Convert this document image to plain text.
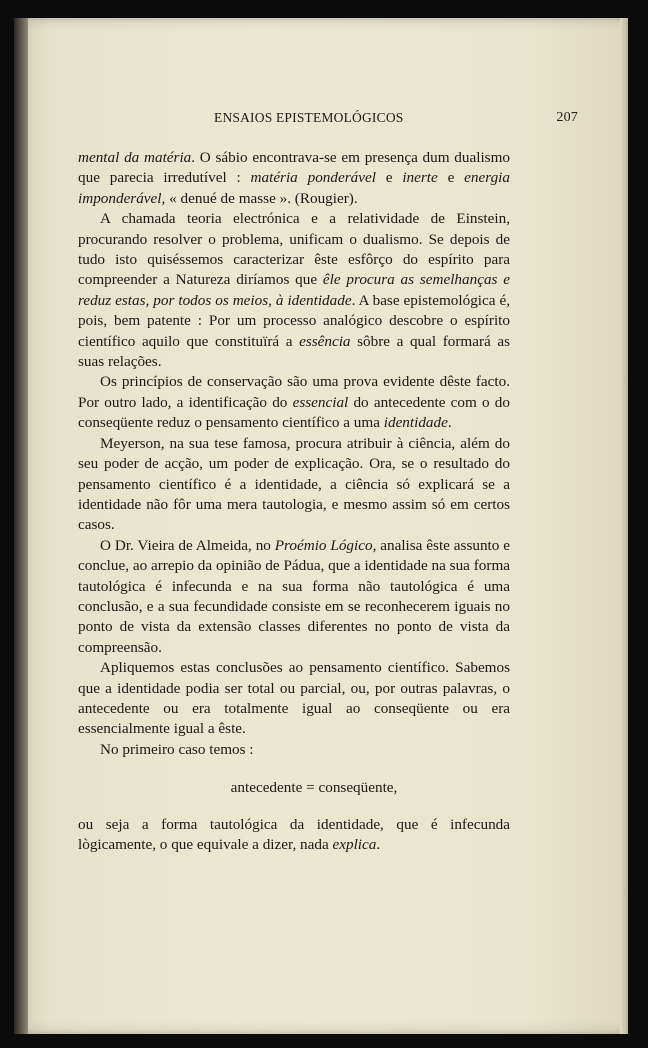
ENSAIOS EPISTEMOLÓGICOS	207

mental da matéria. O sábio encontrava-se em presença dum dualismo que parecia irredutível : matéria ponderável e inerte e energia imponderável, « denué de masse ». (Rougier).

A chamada teoria electrónica e a relatividade de Einstein, procurando resolver o problema, unificam o dualismo. Se depois de tudo isto quiséssemos caracterizar êste esfôrço do espírito para compreender a Natureza diríamos que êle procura as semelhanças e reduz estas, por todos os meios, à identidade. A base epistemológica é, pois, bem patente : Por um processo analógico descobre o espírito científico aquilo que constituïrá a essência sôbre a qual formará as suas relações.

Os princípios de conservação são uma prova evidente dêste facto. Por outro lado, a identificação do essencial do antecedente com o do conseqüente reduz o pensamento científico a uma identidade.

Meyerson, na sua tese famosa, procura atribuir à ciência, além do seu poder de acção, um poder de explicação. Ora, se o resultado do pensamento científico é a identidade, a ciência só explicará se a identidade não fôr uma mera tautologia, e mesmo assim só em certos casos.

O Dr. Vieira de Almeida, no Proémio Lógico, analisa êste assunto e conclue, ao arrepio da opinião de Pádua, que a identidade na sua forma tautológica é infecunda e na sua forma não tautológica é uma conclusão, e a sua fecundidade consiste em se reconhecerem iguais no ponto de vista da extensão classes diferentes no ponto de vista da compreensão.

Apliquemos estas conclusões ao pensamento científico. Sabemos que a identidade podia ser total ou parcial, ou, por outras palavras, o antecedente ou era totalmente igual ao conseqüente ou era essencialmente igual a êste.

No primeiro caso temos :

antecedente = conseqüente,

ou seja a forma tautológica da identidade, que é infecunda lògicamente, o que equivale a dizer, nada explica.
